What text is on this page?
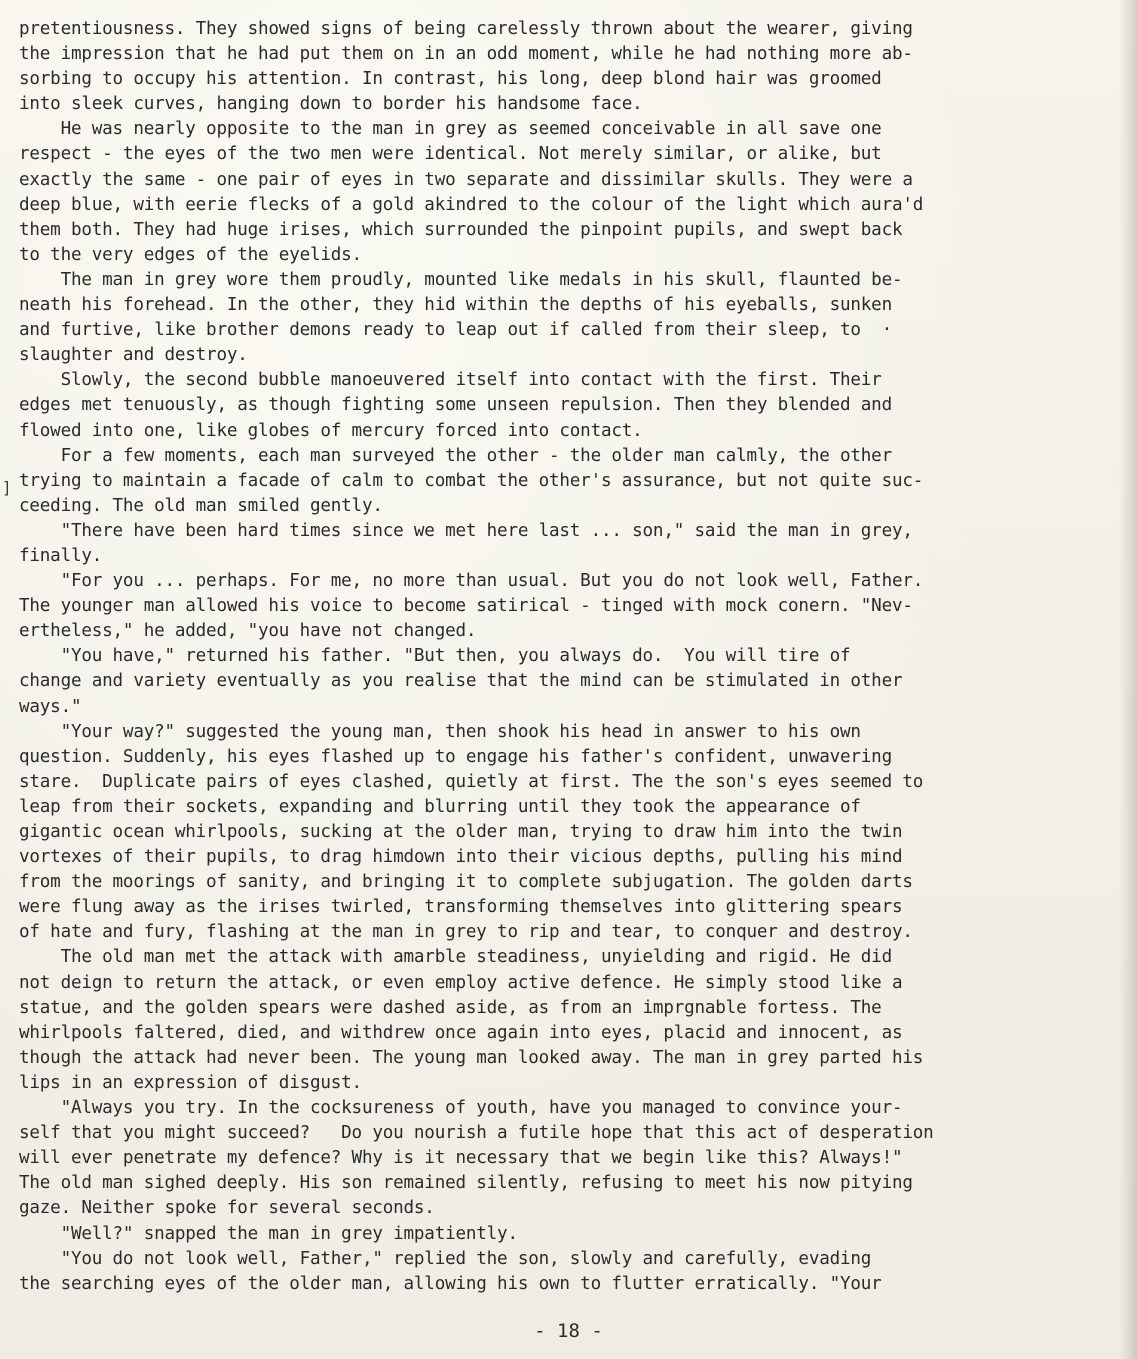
]
pretentiousness. They showed signs of being carelessly thrown about the wearer, giving
the impression that he had put them on in an odd moment, while he had nothing more ab-
sorbing to occupy his attention. In contrast, his long, deep blond hair was groomed
into sleek curves, hanging down to border his handsome face.
He was nearly opposite to the man in grey as seemed conceivable in all save one
respect - the eyes of the two men were identical. Not merely similar, or alike, but
exactly the same - one pair of eyes in two separate and dissimilar skulls. They were a
deep blue, with eerie flecks of a gold akindred to the colour of the light which aura'd
them both. They had huge irises, which surrounded the pinpoint pupils, and swept back
to the very edges of the eyelids.
The man in grey wore them proudly, mounted like medals in his skull, flaunted be-
neath his forehead. In the other, they hid within the depths of his eyeballs, sunken
and furtive, like brother demons ready to leap out if called from their sleep, to  ·
slaughter and destroy.
Slowly, the second bubble manoeuvered itself into contact with the first. Their
edges met tenuously, as though fighting some unseen repulsion. Then they blended and
flowed into one, like globes of mercury forced into contact.
For a few moments, each man surveyed the other - the older man calmly, the other
trying to maintain a facade of calm to combat the other's assurance, but not quite suc-
ceeding. The old man smiled gently.
"There have been hard times since we met here last ... son," said the man in grey,
finally.
"For you ... perhaps. For me, no more than usual. But you do not look well, Father.
The younger man allowed his voice to become satirical - tinged with mock conern. "Nev-
ertheless," he added, "you have not changed.
"You have," returned his father. "But then, you always do.  You will tire of
change and variety eventually as you realise that the mind can be stimulated in other
ways."
"Your way?" suggested the young man, then shook his head in answer to his own
question. Suddenly, his eyes flashed up to engage his father's confident, unwavering
stare.  Duplicate pairs of eyes clashed, quietly at first. The the son's eyes seemed to
leap from their sockets, expanding and blurring until they took the appearance of
gigantic ocean whirlpools, sucking at the older man, trying to draw him into the twin
vortexes of their pupils, to drag himdown into their vicious depths, pulling his mind
from the moorings of sanity, and bringing it to complete subjugation. The golden darts
were flung away as the irises twirled, transforming themselves into glittering spears
of hate and fury, flashing at the man in grey to rip and tear, to conquer and destroy.
The old man met the attack with amarble steadiness, unyielding and rigid. He did
not deign to return the attack, or even employ active defence. He simply stood like a
statue, and the golden spears were dashed aside, as from an imprgnable fortess. The
whirlpools faltered, died, and withdrew once again into eyes, placid and innocent, as
though the attack had never been. The young man looked away. The man in grey parted his
lips in an expression of disgust.
"Always you try. In the cocksureness of youth, have you managed to convince your-
self that you might succeed?   Do you nourish a futile hope that this act of desperation
will ever penetrate my defence? Why is it necessary that we begin like this? Always!"
The old man sighed deeply. His son remained silently, refusing to meet his now pitying
gaze. Neither spoke for several seconds.
"Well?" snapped the man in grey impatiently.
"You do not look well, Father," replied the son, slowly and carefully, evading
the searching eyes of the older man, allowing his own to flutter erratically. "Your
- 18 -
